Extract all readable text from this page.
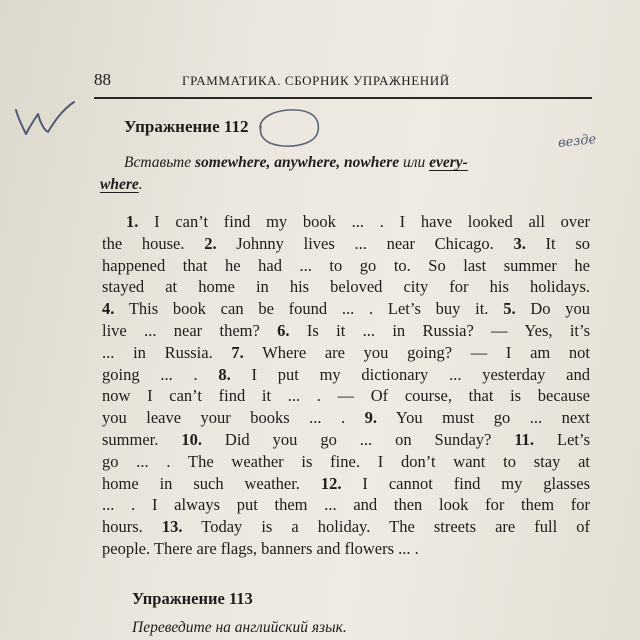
88	ГРАММАТИКА. СБОРНИК УПРАЖНЕНИЙ
Упражнение 112
Вставьте somewhere, anywhere, nowhere или every-
where.
везде
1. I can’t find my book ... . I have looked all over
the house. 2. Johnny lives ... near Chicago. 3. It so
happened that he had ... to go to. So last summer he
stayed at home in his beloved city for his holidays.
4. This book can be found ... . Let’s buy it. 5. Do you
live ... near them? 6. Is it ... in Russia? — Yes, it’s
... in Russia. 7. Where are you going? — I am not
going ... . 8. I put my dictionary ... yesterday and
now I can’t find it ... . — Of course, that is because
you leave your books ... . 9. You must go ... next
summer. 10. Did you go ... on Sunday? 11. Let’s
go ... . The weather is fine. I don’t want to stay at
home in such weather. 12. I cannot find my glasses
... . I always put them ... and then look for them for
hours. 13. Today is a holiday. The streets are full of
people. There are flags, banners and flowers ... .
Упражнение 113
Переведите на английский язык.
